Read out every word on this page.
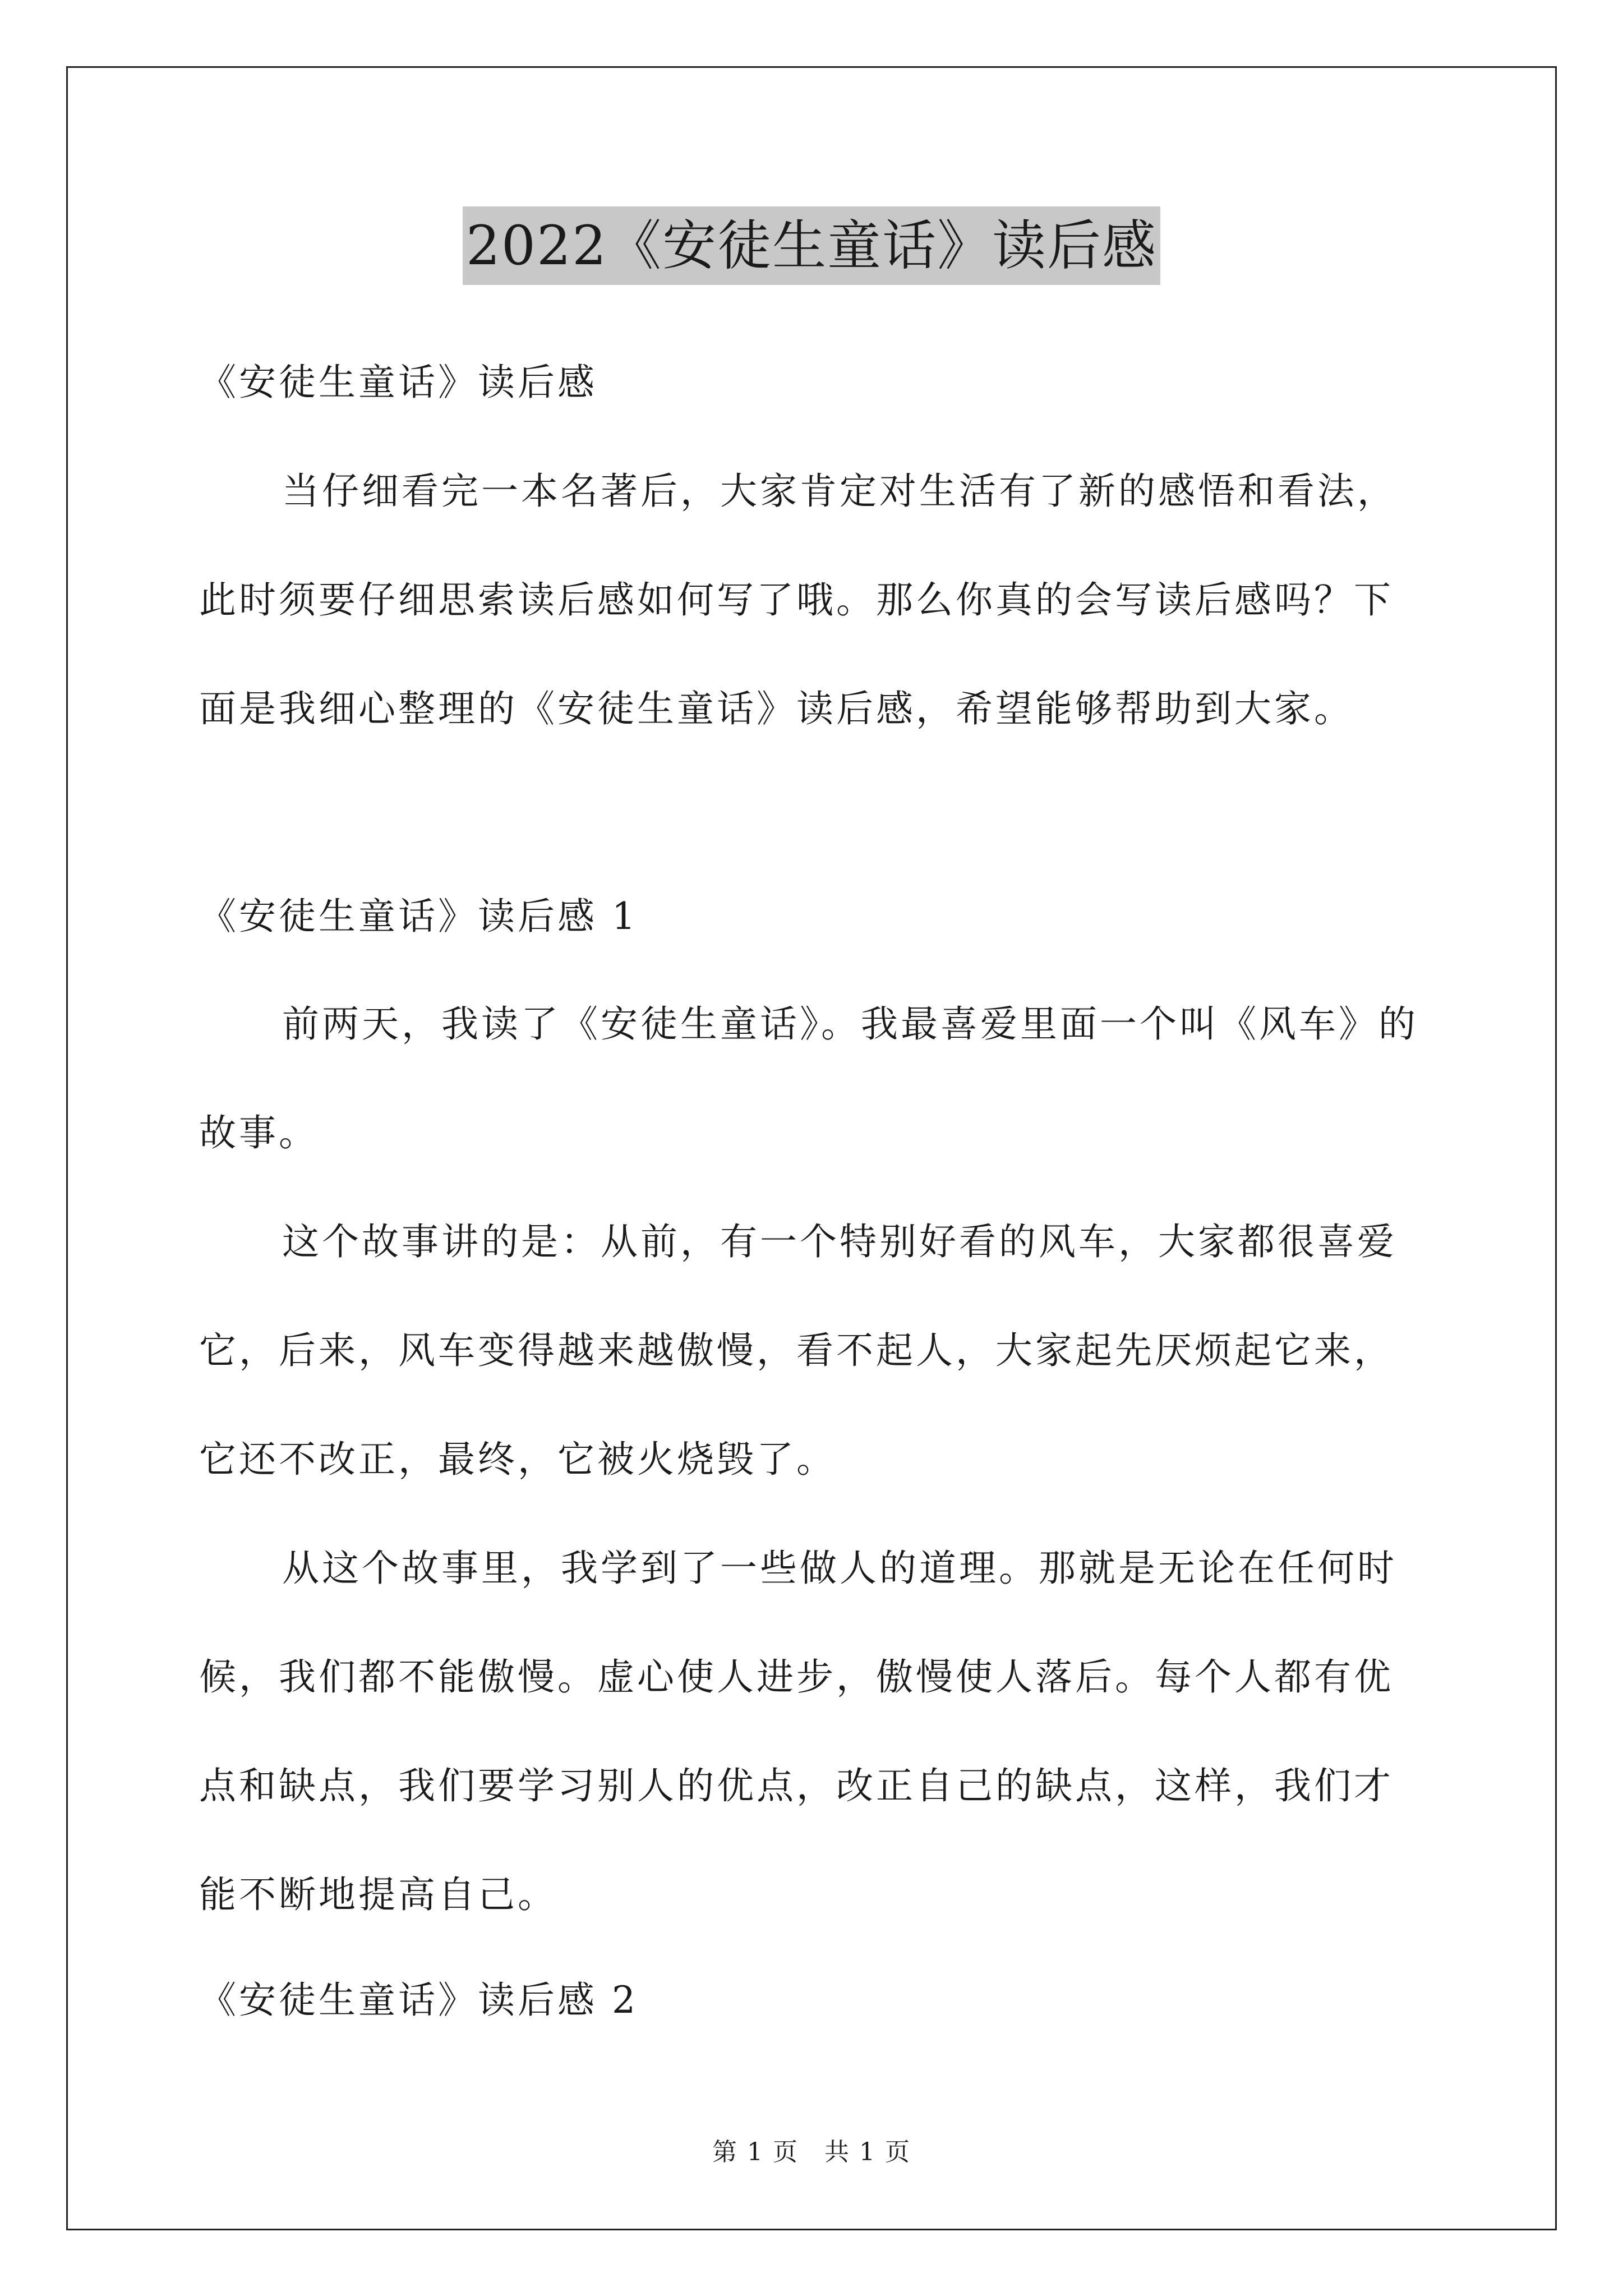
2022《安徒生童话》读后感
《安徒生童话》读后感
当仔细看完一本名著后，大家肯定对生活有了新的感悟和看法，
此时须要仔细思索读后感如何写了哦。那么你真的会写读后感吗？下
面是我细心整理的《安徒生童话》读后感，希望能够帮助到大家。
《安徒生童话》读后感 1
前两天，我读了《安徒生童话》。我最喜爱里面一个叫《风车》的
故事。
这个故事讲的是：从前，有一个特别好看的风车，大家都很喜爱
它，后来，风车变得越来越傲慢，看不起人，大家起先厌烦起它来，
它还不改正，最终，它被火烧毁了。
从这个故事里，我学到了一些做人的道理。那就是无论在任何时
候，我们都不能傲慢。虚心使人进步，傲慢使人落后。每个人都有优
点和缺点，我们要学习别人的优点，改正自己的缺点，这样，我们才
能不断地提高自己。
《安徒生童话》读后感 2
第 1 页　共 1 页
